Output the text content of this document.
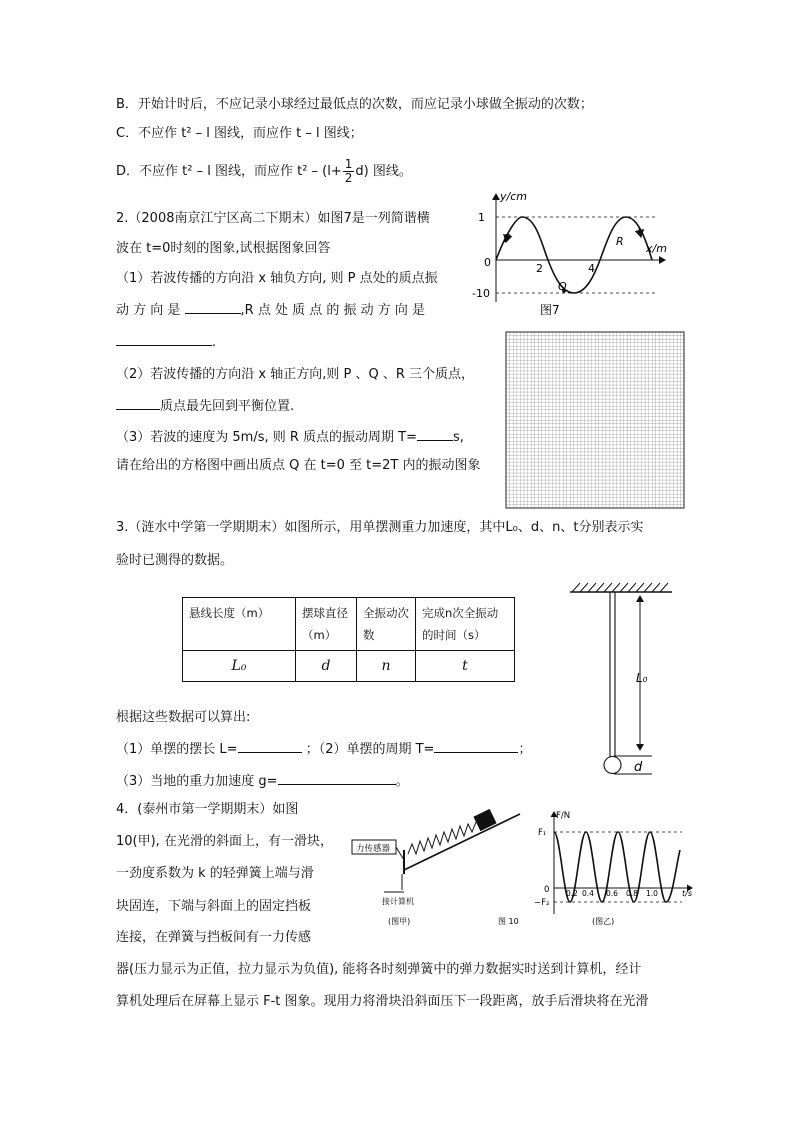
B．开始计时后，不应记录小球经过最低点的次数，而应记录小球做全振动的次数；
C．不应作 t² – l 图线，而应作 t – l 图线；
D．不应作 t² – l 图线，而应作 $t^2 - (l+ \frac{1}{2} d)$ 图线。
2.（2008南京江宁区高二下期末）如图7是一列简谐横
波在 t=0时刻的图象,试根据图象回答
（1）若波传播的方向沿 x 轴负方向, 则 P 点处的质点振
动 方 向 是	,R 点 处 质 点 的 振 动 方 向 是
.
（2）若波传播的方向沿 x 轴正方向,则 P 、Q 、R 三个质点，
质点最先回到平衡位置.
（3）若波的速度为 5m/s, 则 R 质点的振动周期 T=	s,
请在给出的方格图中画出质点 Q 在 t=0 至 t=2T 内的振动图象
y/cm
x/m
1
-10
0	2	4
P
Q
R
图7
3.（涟水中学第一学期期末）如图所示，用单摆测重力加速度，其中L₀、d、n、t分别表示实
验时已测得的数据。
悬线长度（m）	摆球直径（m）	全振动次数	完成n次全振动的时间（s）
L₀	d	n	t
根据这些数据可以算出:
（1）单摆的摆长 L=	；（2）单摆的周期 T=	；
（3）当地的重力加速度 g=	。
L₀
d
4．(泰州市第一学期期末）如图
10(甲), 在光滑的斜面上，有一滑块，
一劲度系数为 k 的轻弹簧上端与滑
块固连，下端与斜面上的固定挡板
连接，在弹簧与挡板间有一力传感
器(压力显示为正值，拉力显示为负值), 能将各时刻弹簧中的弹力数据实时送到计算机，经计
算机处理后在屏幕上显示 F-t 图象。现用力将滑块沿斜面压下一段距离，放手后滑块将在光滑
力传感器
接计算机
(图甲)	图 10
F/N
F₁
−F₂
0 0.2 0.4 0.6 0.8 1.0	t/s
(图乙)
